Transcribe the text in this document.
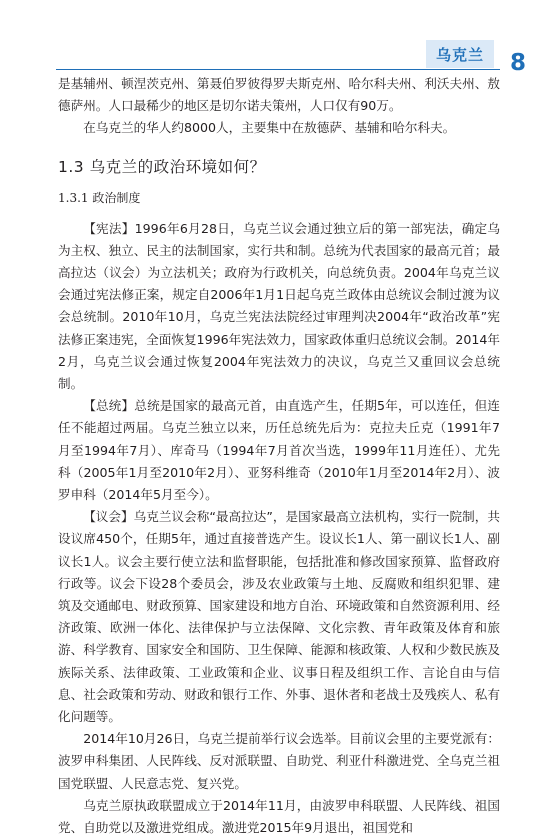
乌克兰 8

是基辅州、顿涅茨克州、第聂伯罗彼得罗夫斯克州、哈尔科夫州、利沃夫州、敖德萨州。人口最稀少的地区是切尔诺夫策州，人口仅有90万。

在乌克兰的华人约8000人，主要集中在敖德萨、基辅和哈尔科夫。

1.3 乌克兰的政治环境如何？

1.3.1 政治制度

【宪法】1996年6月28日，乌克兰议会通过独立后的第一部宪法，确定乌为主权、独立、民主的法制国家，实行共和制。总统为代表国家的最高元首；最高拉达（议会）为立法机关；政府为行政机关，向总统负责。2004年乌克兰议会通过宪法修正案，规定自2006年1月1日起乌克兰政体由总统议会制过渡为议会总统制。2010年10月，乌克兰宪法法院经过审理判决2004年“政治改革”宪法修正案违宪，全面恢复1996年宪法效力，国家政体重归总统议会制。2014年2月，乌克兰议会通过恢复2004年宪法效力的决议，乌克兰又重回议会总统制。

【总统】总统是国家的最高元首，由直选产生，任期5年，可以连任，但连任不能超过两届。乌克兰独立以来，历任总统先后为：克拉夫丘克（1991年7月至1994年7月）、库奇马（1994年7月首次当选，1999年11月连任）、尤先科（2005年1月至2010年2月）、亚努科维奇（2010年1月至2014年2月）、波罗申科（2014年5月至今）。

【议会】乌克兰议会称“最高拉达”，是国家最高立法机构，实行一院制，共设议席450个，任期5年，通过直接普选产生。设议长1人、第一副议长1人、副议长1人。议会主要行使立法和监督职能，包括批准和修改国家预算、监督政府行政等。议会下设28个委员会，涉及农业政策与土地、反腐败和组织犯罪、建筑及交通邮电、财政预算、国家建设和地方自治、环境政策和自然资源利用、经济政策、欧洲一体化、法律保护与立法保障、文化宗教、青年政策及体育和旅游、科学教育、国家安全和国防、卫生保障、能源和核政策、人权和少数民族及族际关系、法律政策、工业政策和企业、议事日程及组织工作、言论自由与信息、社会政策和劳动、财政和银行工作、外事、退休者和老战士及残疾人、私有化问题等。

2014年10月26日，乌克兰提前举行议会选举。目前议会里的主要党派有：波罗申科集团、人民阵线、反对派联盟、自助党、利亚什科激进党、全乌克兰祖国党联盟、人民意志党、复兴党。

乌克兰原执政联盟成立于2014年11月，由波罗申科联盟、人民阵线、祖国党、自助党以及激进党组成。激进党2015年9月退出，祖国党和
